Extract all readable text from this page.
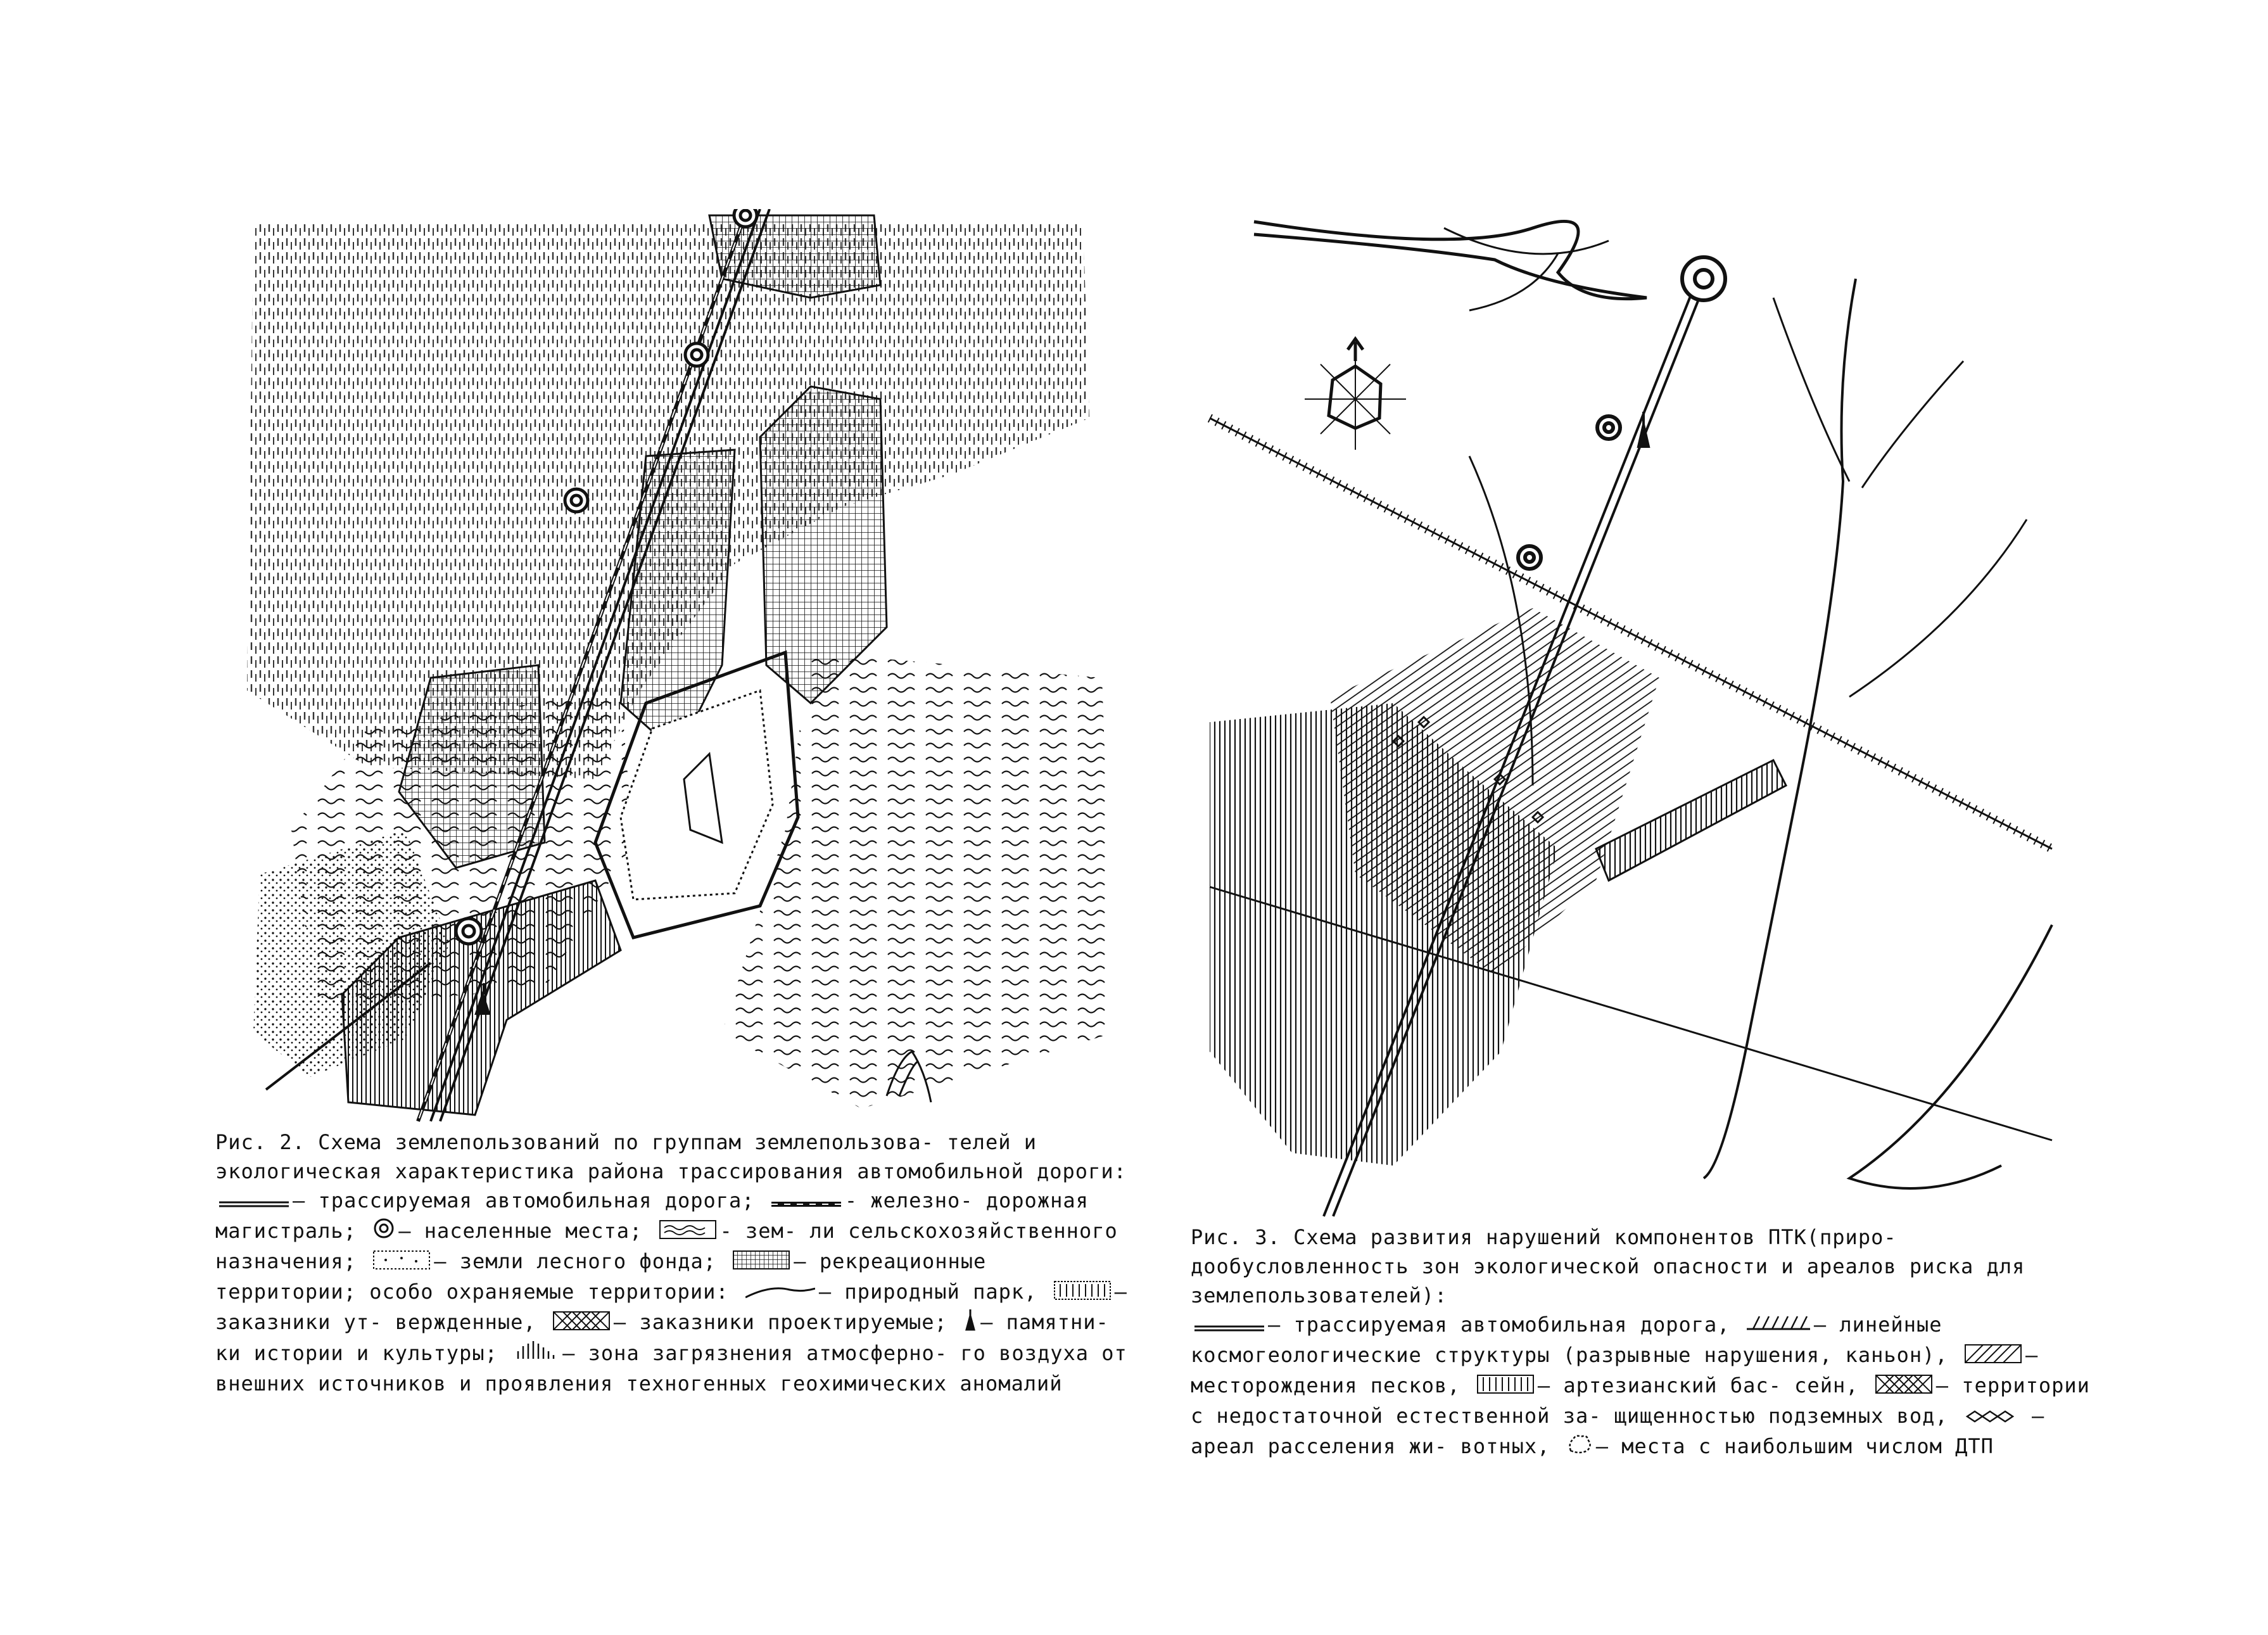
Рис. 2. Схема землепользований по группам землепользова- телей и экологическая характеристика района трассирования автомобильной дороги:

– трассируемая автомобильная дорога;	- железно- дорожная магистраль; – населенные места;	- зем- ли сельскохозяйственного назначения;	– земли лесного фонда;	– рекреационные территории; особо охраняемые территории:	– природный парк,	– заказники ут- вержденные,	– заказники проектируемые; – памятни- ки истории и культуры;	– зона загрязнения атмосферно- го воздуха от внешних источников и проявления техногенных геохимических аномалий

Рис. 3. Схема развития нарушений компонентов ПТК(приро- дообусловленность зон экологической опасности и ареалов риска для землепользователей):

– трассируемая автомобильная дорога,	– линейные космогеологические структуры (разрывные нарушения, каньон),	– месторождения песков,	– артезианский бас- сейн,	– территории с недостаточной естественной за- щищенностью подземных вод,	– ареал расселения жи- вотных, – места с наибольшим числом ДТП
